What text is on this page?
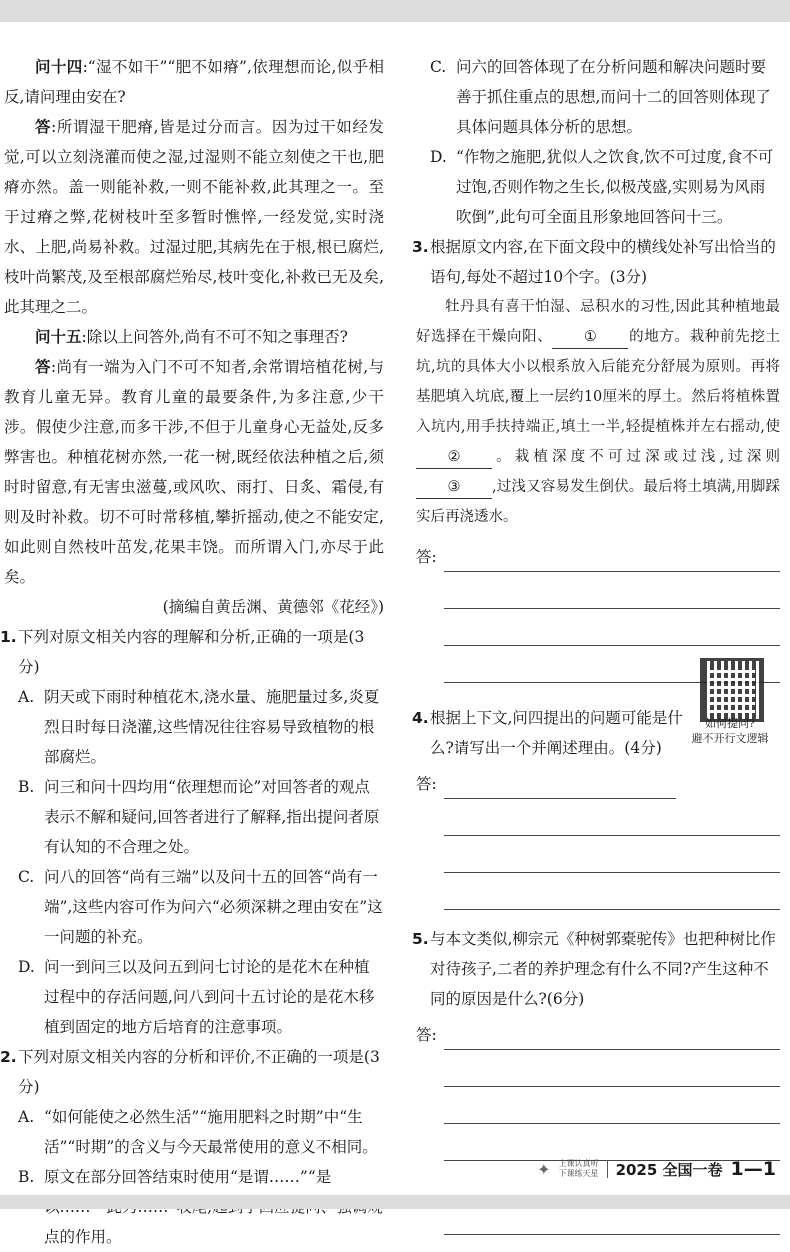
问十四:“湿不如干”“肥不如瘠”,依理想而论,似乎相反,请问理由安在?

答:所谓湿干肥瘠,皆是过分而言。因为过干如经发觉,可以立刻浇灌而使之湿,过湿则不能立刻使之干也,肥瘠亦然。盖一则能补救,一则不能补救,此其理之一。至于过瘠之弊,花树枝叶至多暂时憔悴,一经发觉,实时浇水、上肥,尚易补救。过湿过肥,其病先在于根,根已腐烂,枝叶尚繁茂,及至根部腐烂殆尽,枝叶变化,补救已无及矣,此其理之二。

问十五:除以上问答外,尚有不可不知之事理否?

答:尚有一端为入门不可不知者,余常谓培植花树,与教育儿童无异。教育儿童的最要条件,为多注意,少干涉。假使少注意,而多干涉,不但于儿童身心无益处,反多弊害也。种植花树亦然,一花一树,既经依法种植之后,须时时留意,有无害虫滋蔓,或风吹、雨打、日炙、霜侵,有则及时补救。切不可时常移植,攀折摇动,使之不能安定,如此则自然枝叶茁发,花果丰饶。而所谓入门,亦尽于此矣。

(摘编自黄岳渊、黄德邻《花经》)

1. 下列对原文相关内容的理解和分析,正确的一项是(3分)

A. 阴天或下雨时种植花木,浇水量、施肥量过多,炎夏烈日时每日浇灌,这些情况往往容易导致植物的根部腐烂。

B. 问三和问十四均用“依理想而论”对回答者的观点表示不解和疑问,回答者进行了解释,指出提问者原有认知的不合理之处。

C. 问八的回答“尚有三端”以及问十五的回答“尚有一端”,这些内容可作为问六“必须深耕之理由安在”这一问题的补充。

D. 问一到问三以及问五到问七讨论的是花木在种植过程中的存活问题,问八到问十五讨论的是花木移植到固定的地方后培育的注意事项。

2. 下列对原文相关内容的分析和评价,不正确的一项是(3分)

A. “如何能使之必然生活”“施用肥料之时期”中“生活”“时期”的含义与今天最常使用的意义不相同。

B. 原文在部分回答结束时使用“是谓……”“是 点的作用。

C. 问六的回答体现了在分析问题和解决问题时要善于抓住重点的思想,而问十二的回答则体现了具体问题具体分析的思想。

D. “作物之施肥,犹似人之饮食,饮不可过度,食不可过饱,否则作物之生长,似极茂盛,实则易为风雨吹倒”,此句可全面且形象地回答问十三。

3. 根据原文内容,在下面文段中的横线处补写出恰当的语句,每处不超过10个字。(3分)

牡丹具有喜干怕湿、忌积水的习性,因此其种植地最好选择在干燥向阳、 ① 的地方。栽种前先挖土坑,坑的具体大小以根系放入后能充分舒展为原则。再将基肥填入坑底,覆上一层约10厘米的厚土。然后将植株置入坑内,用手扶持端正,填土一半,轻提植株并左右摇动,使② 。栽植深度不可过深或过浅,过深则③ ,过浅又容易发生倒伏。最后将土填满,用脚踩实后再浇透水。

答:

4. 根据上下文,问四提出的问题可能是什么?请写出一个并阐述理由。(4分)

答:

5. 与本文类似,柳宗元《种树郭橐驼传》也把种树比作对待孩子,二者的养护理念有什么不同?产生这种不同的原因是什么?(6分)

答:
如何提问?
避不开行文逻辑
✦ 上课认真听
下课练天星 2025 全国一卷 1—1
